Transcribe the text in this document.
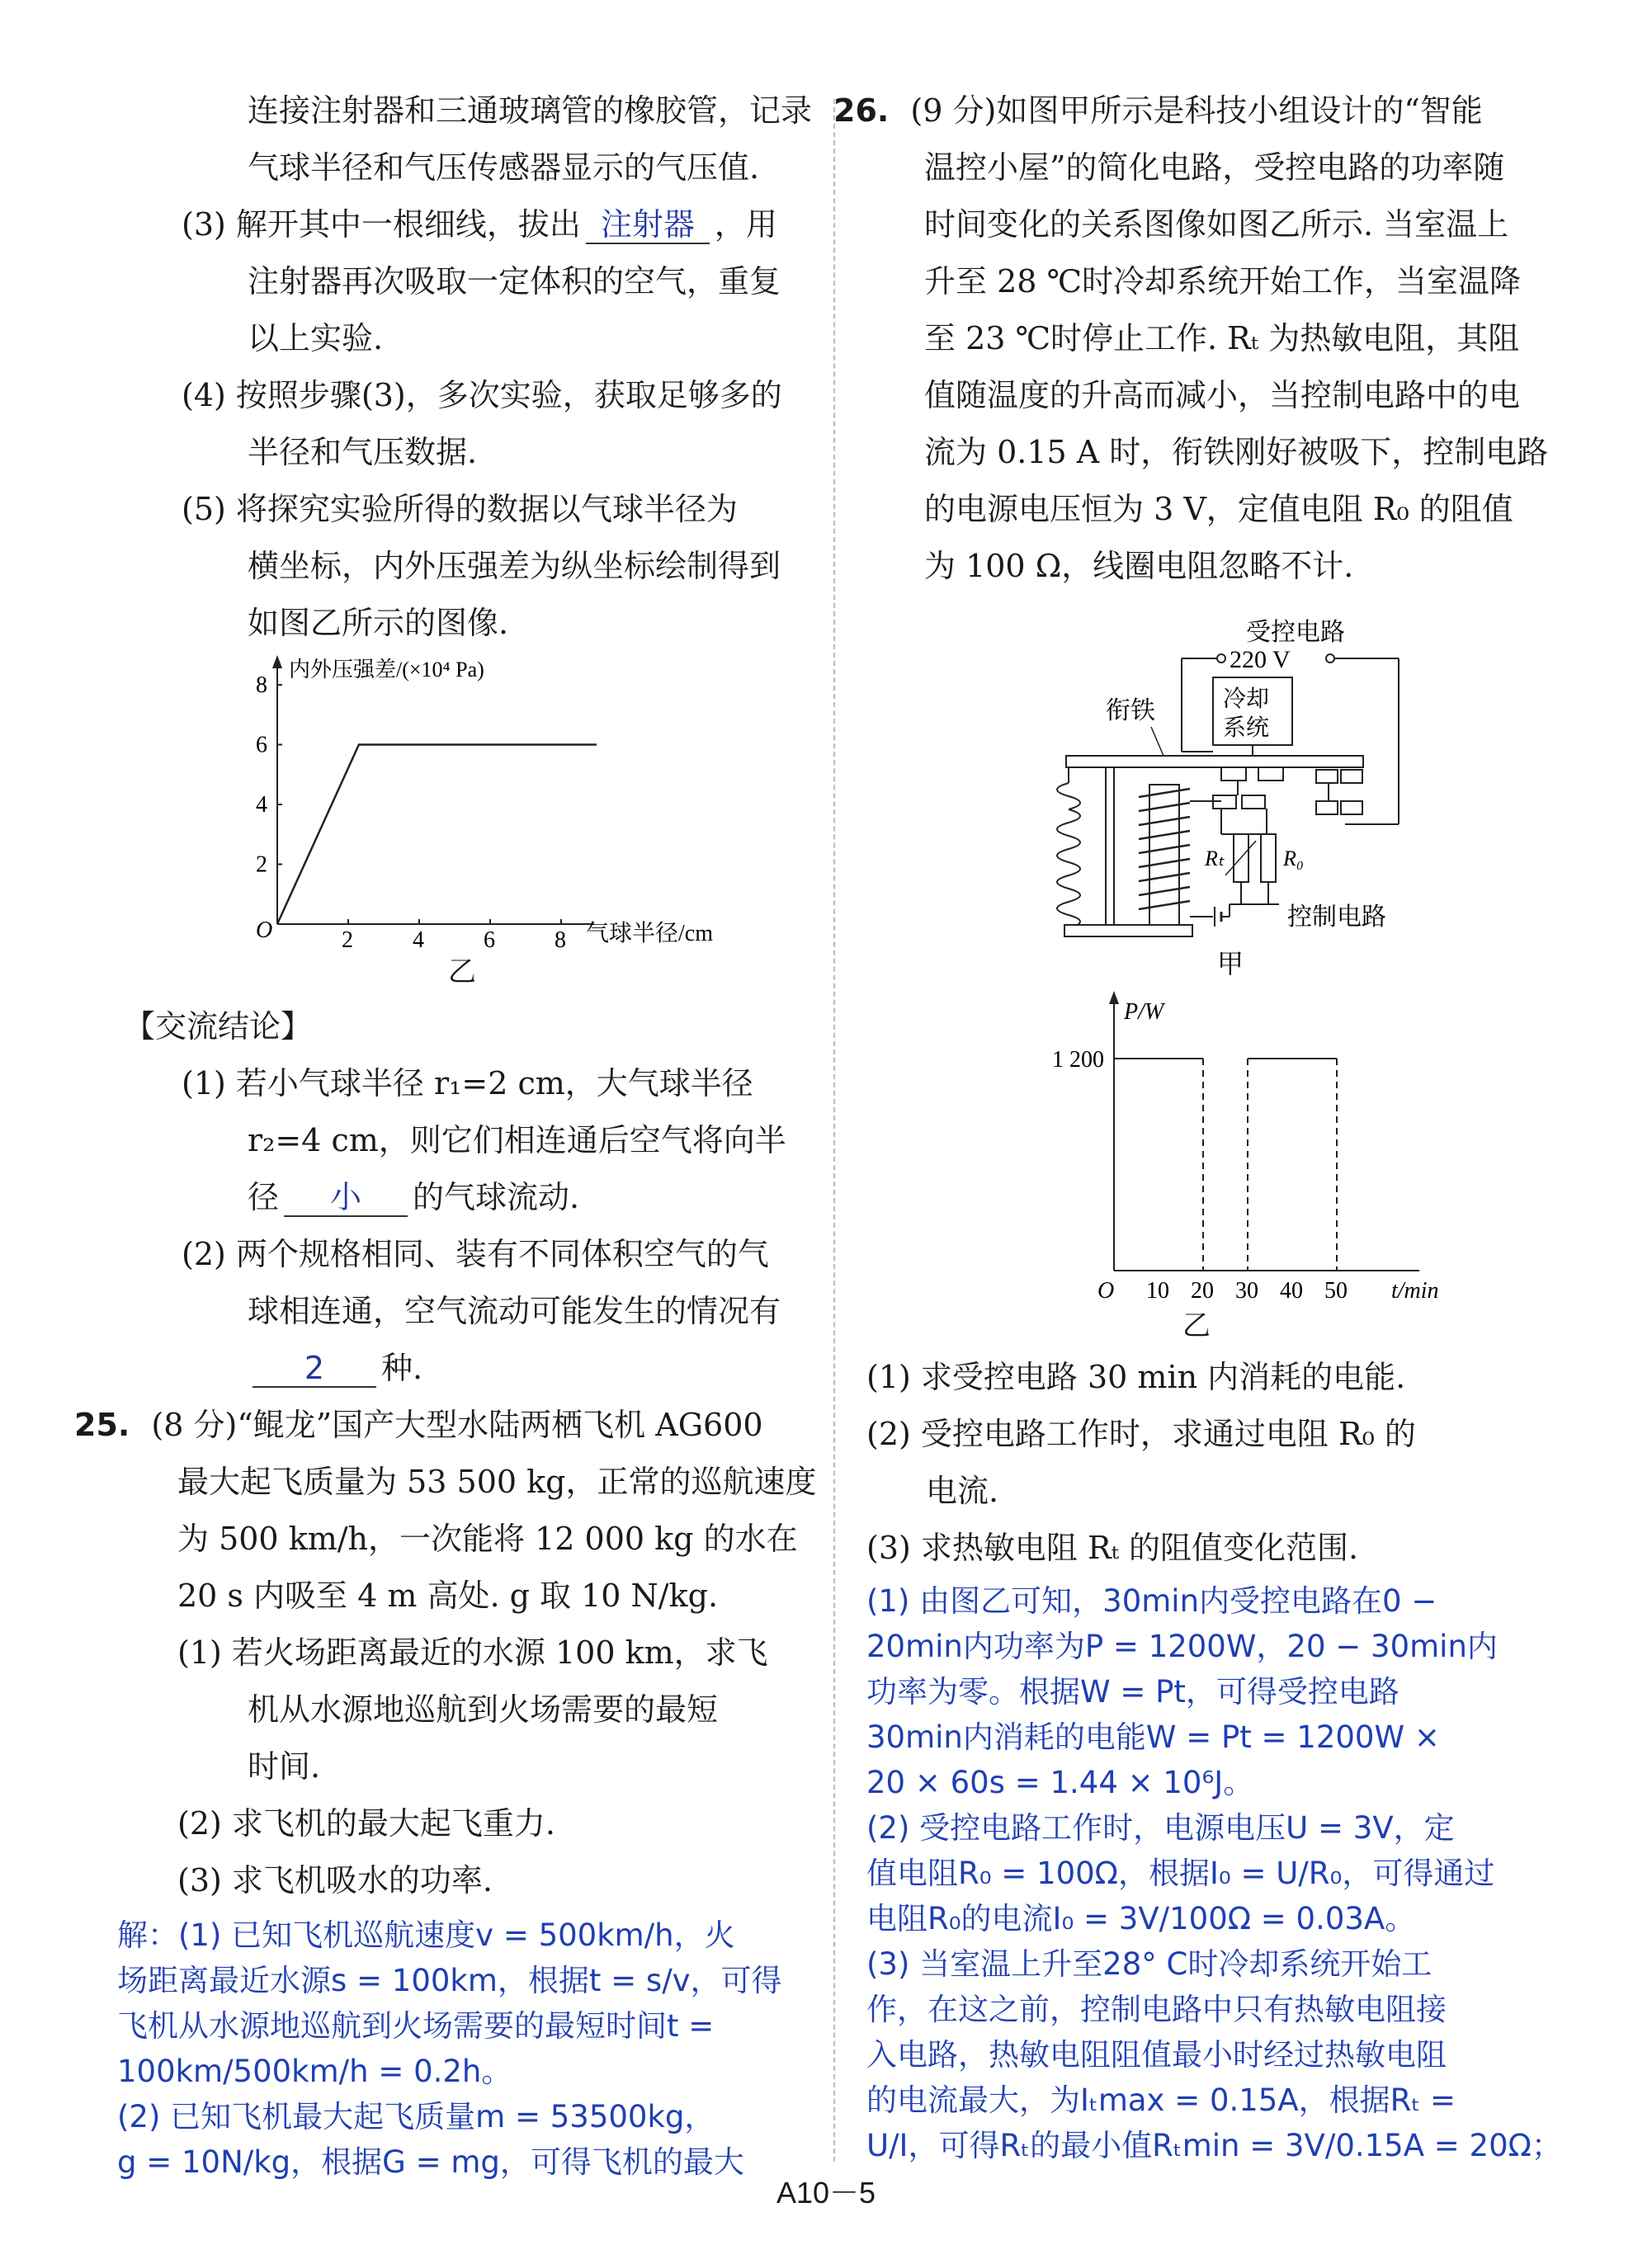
连接注射器和三通玻璃管的橡胶管，记录
气球半径和气压传感器显示的气压值.
(3) 解开其中一根细线，拔出 注射器 ，用
注射器再次吸取一定体积的空气，重复
以上实验.
(4) 按照步骤(3)，多次实验，获取足够多的
半径和气压数据.
(5) 将探究实验所得的数据以气球半径为
横坐标，内外压强差为纵坐标绘制得到
如图乙所示的图像.
内外压强差/(×10⁴ Pa)
气球半径/cm
O	2	4	6	8
2
4
6
8
乙
【交流结论】
(1) 若小气球半径 r₁=2 cm，大气球半径
r₂=4 cm，则它们相连通后空气将向半
径 小 的气球流动.
(2) 两个规格相同、装有不同体积空气的气
球相连通，空气流动可能发生的情况有
2 种.
25. (8 分)“鲲龙”国产大型水陆两栖飞机 AG600
最大起飞质量为 53 500 kg，正常的巡航速度
为 500 km/h，一次能将 12 000 kg 的水在
20 s 内吸至 4 m 高处. g 取 10 N/kg.
(1) 若火场距离最近的水源 100 km，求飞
机从水源地巡航到火场需要的最短
时间.
(2) 求飞机的最大起飞重力.
(3) 求飞机吸水的功率.

解：(1) 已知飞机巡航速度v = 500km/h，火

场距离最近水源s = 100km，根据t = s/v，可得

飞机从水源地巡航到火场需要的最短时间t =

100km/500km/h = 0.2h。

(2) 已知飞机最大起飞质量m = 53500kg，

g = 10N/kg，根据G = mg，可得飞机的最大

26. (9 分)如图甲所示是科技小组设计的“智能
温控小屋”的简化电路，受控电路的功率随
时间变化的关系图像如图乙所示. 当室温上
升至 28 ℃时冷却系统开始工作，当室温降
至 23 ℃时停止工作. Rₜ 为热敏电阻，其阻
值随温度的升高而减小，当控制电路中的电
流为 0.15 A 时，衔铁刚好被吸下，控制电路
的电源电压恒为 3 V，定值电阻 R₀ 的阻值
为 100 Ω，线圈电阻忽略不计.
受控电路
220 V
冷却
系统
衔铁
Rₜ	R₀
控制电路
甲

P/W
t/min
O
1 200
10 20 30 40 50
乙
(1) 求受控电路 30 min 内消耗的电能.
(2) 受控电路工作时，求通过电阻 R₀ 的
电流.
(3) 求热敏电阻 Rₜ 的阻值变化范围.

(1) 由图乙可知，30min内受控电路在0 −

20min内功率为P = 1200W，20 − 30min内

功率为零。根据W = Pt，可得受控电路

30min内消耗的电能W = Pt = 1200W ×

20 × 60s = 1.44 × 10⁶J。

(2) 受控电路工作时，电源电压U = 3V，定

值电阻R₀ = 100Ω，根据I₀ = U/R₀，可得通过

电阻R₀的电流I₀ = 3V/100Ω = 0.03A。

(3) 当室温上升至28° C时冷却系统开始工

作，在这之前，控制电路中只有热敏电阻接

入电路，热敏电阻阻值最小时经过热敏电阻

的电流最大，为Iₜmax = 0.15A，根据Rₜ =

U/I，可得Rₜ的最小值Rₜmin = 3V/0.15A = 20Ω；

A10－5
